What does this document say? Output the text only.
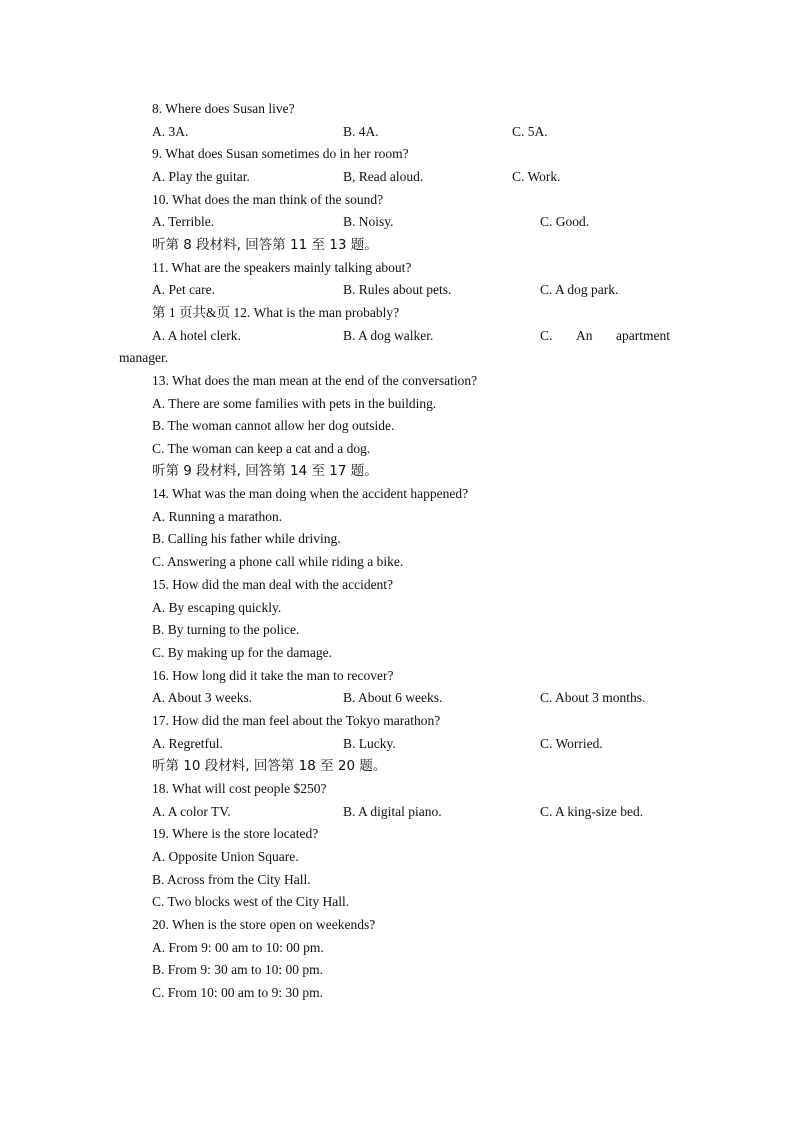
8. Where does Susan live?
A. 3A.	B. 4A.	C. 5A.
9. What does Susan sometimes do in her room?
A. Play the guitar.	B, Read aloud.	C. Work.
10. What does the man think of the sound?
A. Terrible.	B. Noisy.	C. Good.
听第 8 段材料, 回答第 11 至 13 题。
11. What are the speakers mainly talking about?
A. Pet care.	B. Rules about pets.	C. A dog park.
第 1 页共&页 12. What is the man probably?
A. A hotel clerk.	B. A dog walker.	C. An apartment
manager.
13. What does the man mean at the end of the conversation?
A. There are some families with pets in the building.
B. The woman cannot allow her dog outside.
C. The woman can keep a cat and a dog.
听第 9 段材料, 回答第 14 至 17 题。
14. What was the man doing when the accident happened?
A. Running a marathon.
B. Calling his father while driving.
C. Answering a phone call while riding a bike.
15. How did the man deal with the accident?
A. By escaping quickly.
B. By turning to the police.
C. By making up for the damage.
16. How long did it take the man to recover?
A. About 3 weeks.	B. About 6 weeks.	C. About 3 months.
17. How did the man feel about the Tokyo marathon?
A. Regretful.	B. Lucky.	C. Worried.
听第 10 段材料, 回答第 18 至 20 题。
18. What will cost people $250?
A. A color TV.	B. A digital piano.	C. A king-size bed.
19. Where is the store located?
A. Opposite Union Square.
B. Across from the City Hall.
C. Two blocks west of the City Hall.
20. When is the store open on weekends?
A. From 9: 00 am to 10: 00 pm.
B. From 9: 30 am to 10: 00 pm.
C. From 10: 00 am to 9: 30 pm.
